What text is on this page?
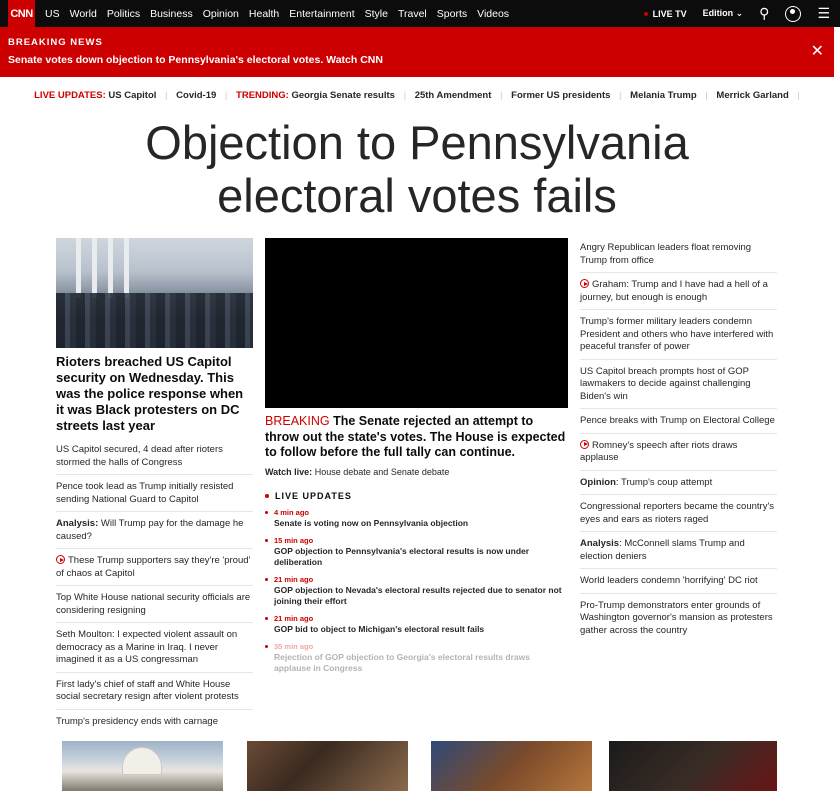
CNN US World Politics Business Opinion Health Entertainment Style Travel Sports Videos	LIVE TV Edition ⌄ ⚲	☰
BREAKING NEWS
Senate votes down objection to Pennsylvania's electoral votes. Watch CNN	✕
LIVE UPDATES: US Capitol | Covid-19 | TRENDING: Georgia Senate results | 25th Amendment | Former US presidents | Melania Trump | Merrick Garland |
Objection to Pennsylvania
electoral votes fails
Rioters breached US Capitol security on Wednesday. This was the police response when it was Black protesters on DC streets last year
US Capitol secured, 4 dead after rioters stormed the halls of Congress
Pence took lead as Trump initially resisted sending National Guard to Capitol
Analysis: Will Trump pay for the damage he caused?
These Trump supporters say they're 'proud' of chaos at Capitol
Top White House national security officials are considering resigning
Seth Moulton: I expected violent assault on democracy as a Marine in Iraq. I never imagined it as a US congressman
First lady's chief of staff and White House social secretary resign after violent protests
Trump's presidency ends with carnage
BREAKING The Senate rejected an attempt to throw out the state's votes. The House is expected to follow before the full tally can continue.
Watch live: House debate and Senate debate
LIVE UPDATES
4 min ago
Senate is voting now on Pennsylvania objection
15 min ago
GOP objection to Pennsylvania's electoral results is now under deliberation
21 min ago
GOP objection to Nevada's electoral results rejected due to senator not joining their effort
21 min ago
GOP bid to object to Michigan's electoral result fails
35 min ago
Rejection of GOP objection to Georgia's electoral results draws applause in Congress
Angry Republican leaders float removing Trump from office
Graham: Trump and I have had a hell of a journey, but enough is enough
Trump's former military leaders condemn President and others who have interfered with peaceful transfer of power
US Capitol breach prompts host of GOP lawmakers to decide against challenging Biden's win
Pence breaks with Trump on Electoral College
Romney's speech after riots draws applause
Opinion: Trump's coup attempt
Congressional reporters became the country's eyes and ears as rioters raged
Analysis: McConnell slams Trump and election deniers
World leaders condemn 'horrifying' DC riot
Pro-Trump demonstrators enter grounds of Washington governor's mansion as protesters gather across the country
